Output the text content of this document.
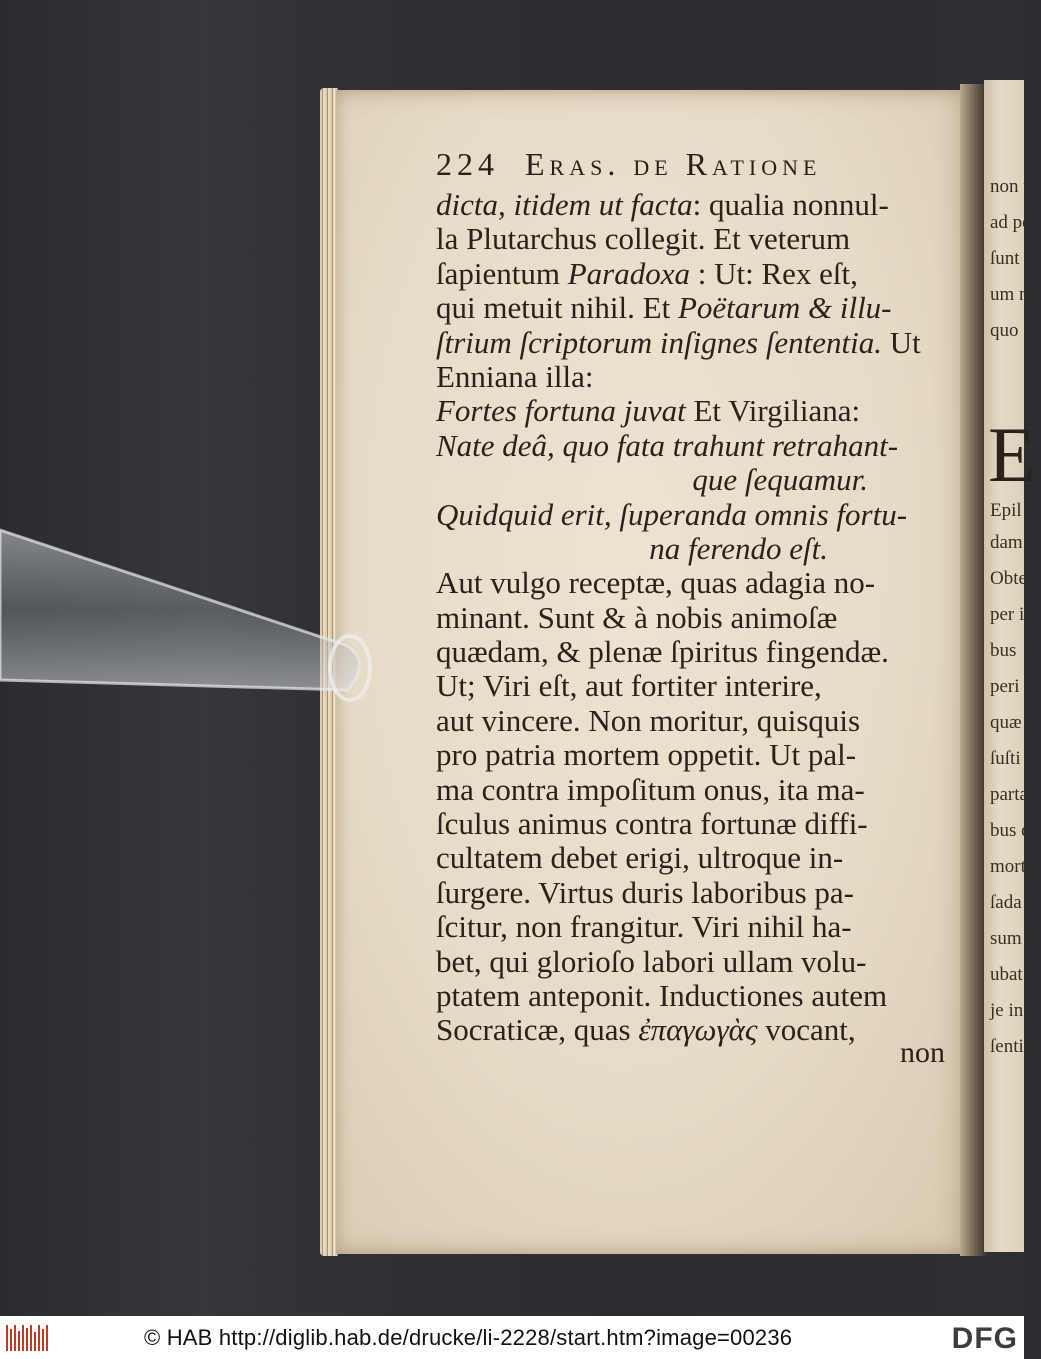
non t
ad pe
ſunt t
um n
quo
E
Epil
dam
Obte
per i
bus
peri
quæ
ſuſti
parta
bus q
morta
ſada
sum ni
ubat
je inc
ſentia
224 Eras. de Ratione
dicta, itidem ut facta: qualia nonnul-
la Plutarchus collegit. Et veterum
ſapientum Paradoxa : Ut: Rex eſt,
qui metuit nihil. Et Poëtarum & illu-
ſtrium ſcriptorum inſignes ſententia. Ut
Enniana illa:
Fortes fortuna juvat Et Virgiliana:
Nate deâ, quo fata trahunt retrahant-
que ſequamur.
Quidquid erit, ſuperanda omnis fortu-
na ferendo eſt.
Aut vulgo receptæ, quas adagia no-
minant. Sunt & à nobis animoſæ
quædam, & plenæ ſpiritus fingendæ.
Ut; Viri eſt, aut fortiter interire,
aut vincere. Non moritur, quisquis
pro patria mortem oppetit. Ut pal-
ma contra impoſitum onus, ita ma-
ſculus animus contra fortunæ diffi-
cultatem debet erigi, ultroque in-
ſurgere. Virtus duris laboribus pa-
ſcitur, non frangitur. Viri nihil ha-
bet, qui glorioſo labori ullam volu-
ptatem anteponit. Inductiones autem
Socraticæ, quas ἐπαγωγὰς vocant,
non
© HAB http://diglib.hab.de/drucke/li-2228/start.htm?image=00236	DFG
